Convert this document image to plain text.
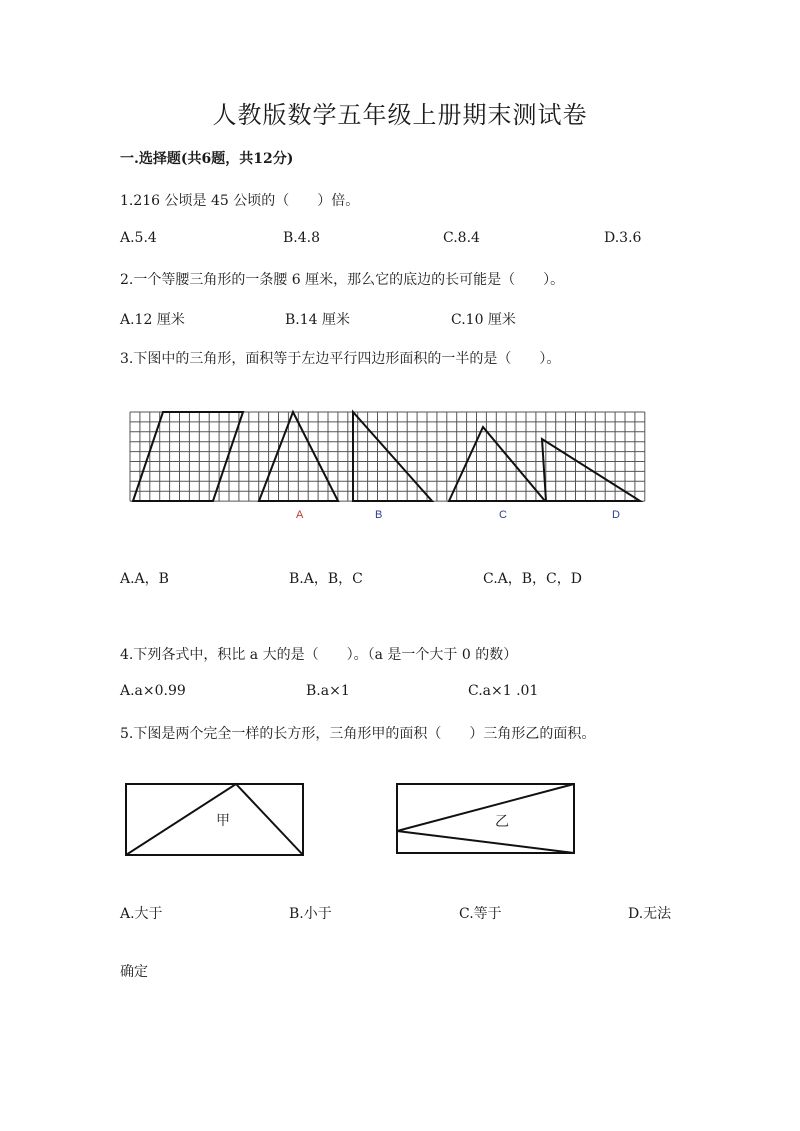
人教版数学五年级上册期末测试卷
一.选择题(共6题，共12分)
1.216 公顷是 45 公顷的（　　）倍。
A.5.4	B.4.8	C.8.4	D.3.6
2.一个等腰三角形的一条腰 6 厘米，那么它的底边的长可能是（　　）。
A.12 厘米	B.14 厘米	C.10 厘米
3.下图中的三角形，面积等于左边平行四边形面积的一半的是（　　）。
A	B	C	D
甲	乙
A.A，B	B.A，B，C	C.A，B，C，D
4.下列各式中，积比 a 大的是（　　）。（a 是一个大于 0 的数）
A.a×0.99	B.a×1	C.a×1 .01
5.下图是两个完全一样的长方形，三角形甲的面积（　　）三角形乙的面积。
A.大于	B.小于	C.等于	D.无法
确定
